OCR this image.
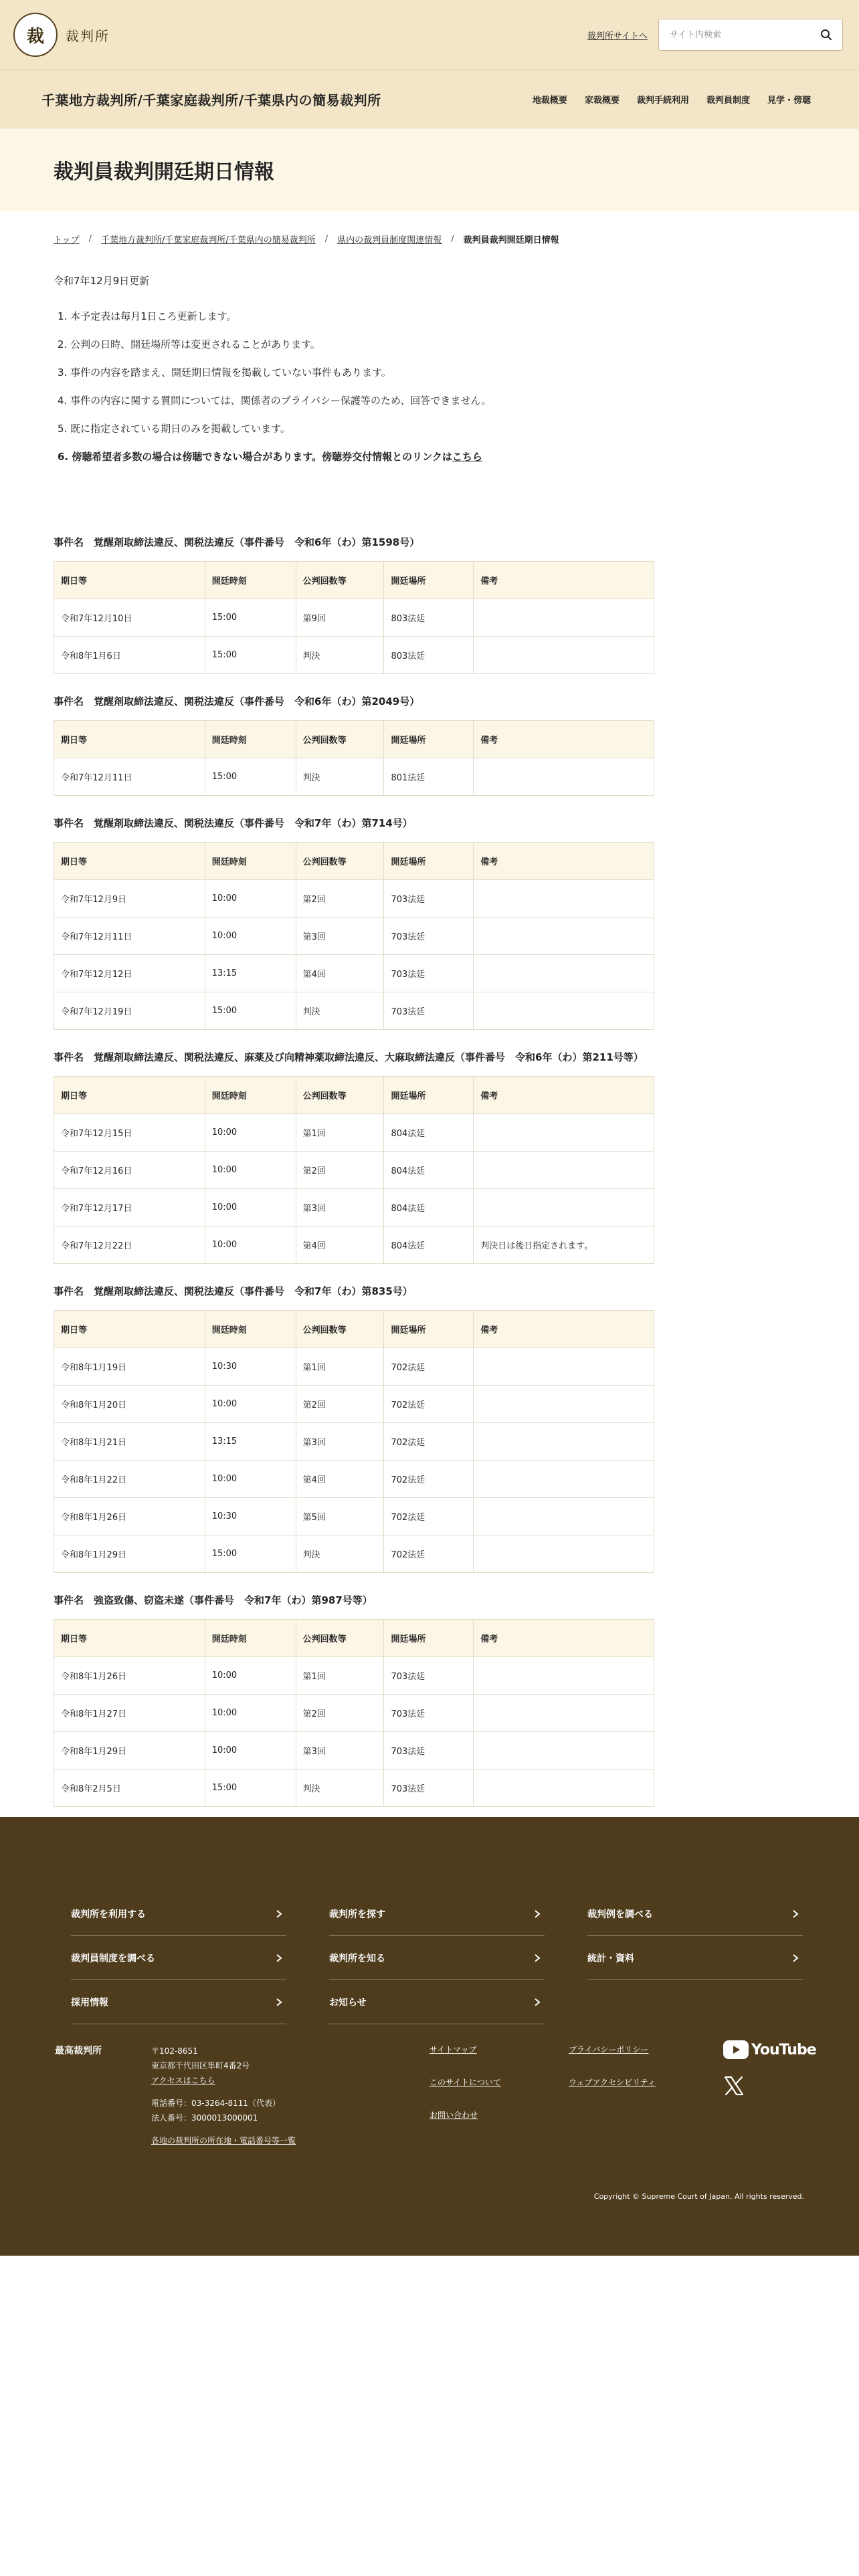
裁 裁判所	裁判所サイトへ
サイト内検索
千葉地方裁判所/千葉家庭裁判所/千葉県内の簡易裁判所	地裁概要 家裁概要 裁判手続利用 裁判員制度 見学・傍聴
裁判員裁判開廷期日情報
トップ / 千葉地方裁判所/千葉家庭裁判所/千葉県内の簡易裁判所 / 県内の裁判員制度関連情報 / 裁判員裁判開廷期日情報

令和7年12月9日更新

1. 本予定表は毎月1日ころ更新します。
2. 公判の日時、開廷場所等は変更されることがあります。
3. 事件の内容を踏まえ、開廷期日情報を掲載していない事件もあります。
4. 事件の内容に関する質問については、関係者のプライバシー保護等のため、回答できません。
5. 既に指定されている期日のみを掲載しています。
6. 傍聴希望者多数の場合は傍聴できない場合があります。傍聴券交付情報とのリンクはこちら
事件名　覚醒剤取締法違反、関税法違反（事件番号　令和6年（わ）第1598号）
期日等	開廷時刻	公判回数等	開廷場所	備考
令和7年12月10日	15:00	第9回	803法廷	
令和8年1月6日	15:00	判決	803法廷	
事件名　覚醒剤取締法違反、関税法違反（事件番号　令和6年（わ）第2049号）
期日等	開廷時刻	公判回数等	開廷場所	備考
令和7年12月11日	15:00	判決	801法廷	
事件名　覚醒剤取締法違反、関税法違反（事件番号　令和7年（わ）第714号）
期日等	開廷時刻	公判回数等	開廷場所	備考
令和7年12月9日	10:00	第2回	703法廷	
令和7年12月11日	10:00	第3回	703法廷	
令和7年12月12日	13:15	第4回	703法廷	
令和7年12月19日	15:00	判決	703法廷	
事件名　覚醒剤取締法違反、関税法違反、麻薬及び向精神薬取締法違反、大麻取締法違反（事件番号　令和6年（わ）第211号等）
期日等	開廷時刻	公判回数等	開廷場所	備考
令和7年12月15日	10:00	第1回	804法廷	
令和7年12月16日	10:00	第2回	804法廷	
令和7年12月17日	10:00	第3回	804法廷	
令和7年12月22日	10:00	第4回	804法廷	判決日は後日指定されます。
事件名　覚醒剤取締法違反、関税法違反（事件番号　令和7年（わ）第835号）
期日等	開廷時刻	公判回数等	開廷場所	備考
令和8年1月19日	10:30	第1回	702法廷	
令和8年1月20日	10:00	第2回	702法廷	
令和8年1月21日	13:15	第3回	702法廷	
令和8年1月22日	10:00	第4回	702法廷	
令和8年1月26日	10:30	第5回	702法廷	
令和8年1月29日	15:00	判決	702法廷	
事件名　強盗致傷、窃盗未遂（事件番号　令和7年（わ）第987号等）
期日等	開廷時刻	公判回数等	開廷場所	備考
令和8年1月26日	10:00	第1回	703法廷	
令和8年1月27日	10:00	第2回	703法廷	
令和8年1月29日	10:00	第3回	703法廷	
令和8年2月5日	15:00	判決	703法廷	
裁判所を利用する	裁判所を探す	裁判例を調べる
裁判員制度を調べる	裁判所を知る	統計・資料
採用情報	お知らせ
最高裁判所	〒102-8651
東京都千代田区隼町4番2号
アクセスはこちら
電話番号：03-3264-8111（代表）
法人番号：3000013000001
各地の裁判所の所在地・電話番号等一覧
サイトマップ	プライバシーポリシー
このサイトについて	ウェブアクセシビリティ
お問い合わせ
YouTube
Copyright © Supreme Court of Japan. All rights reserved.
